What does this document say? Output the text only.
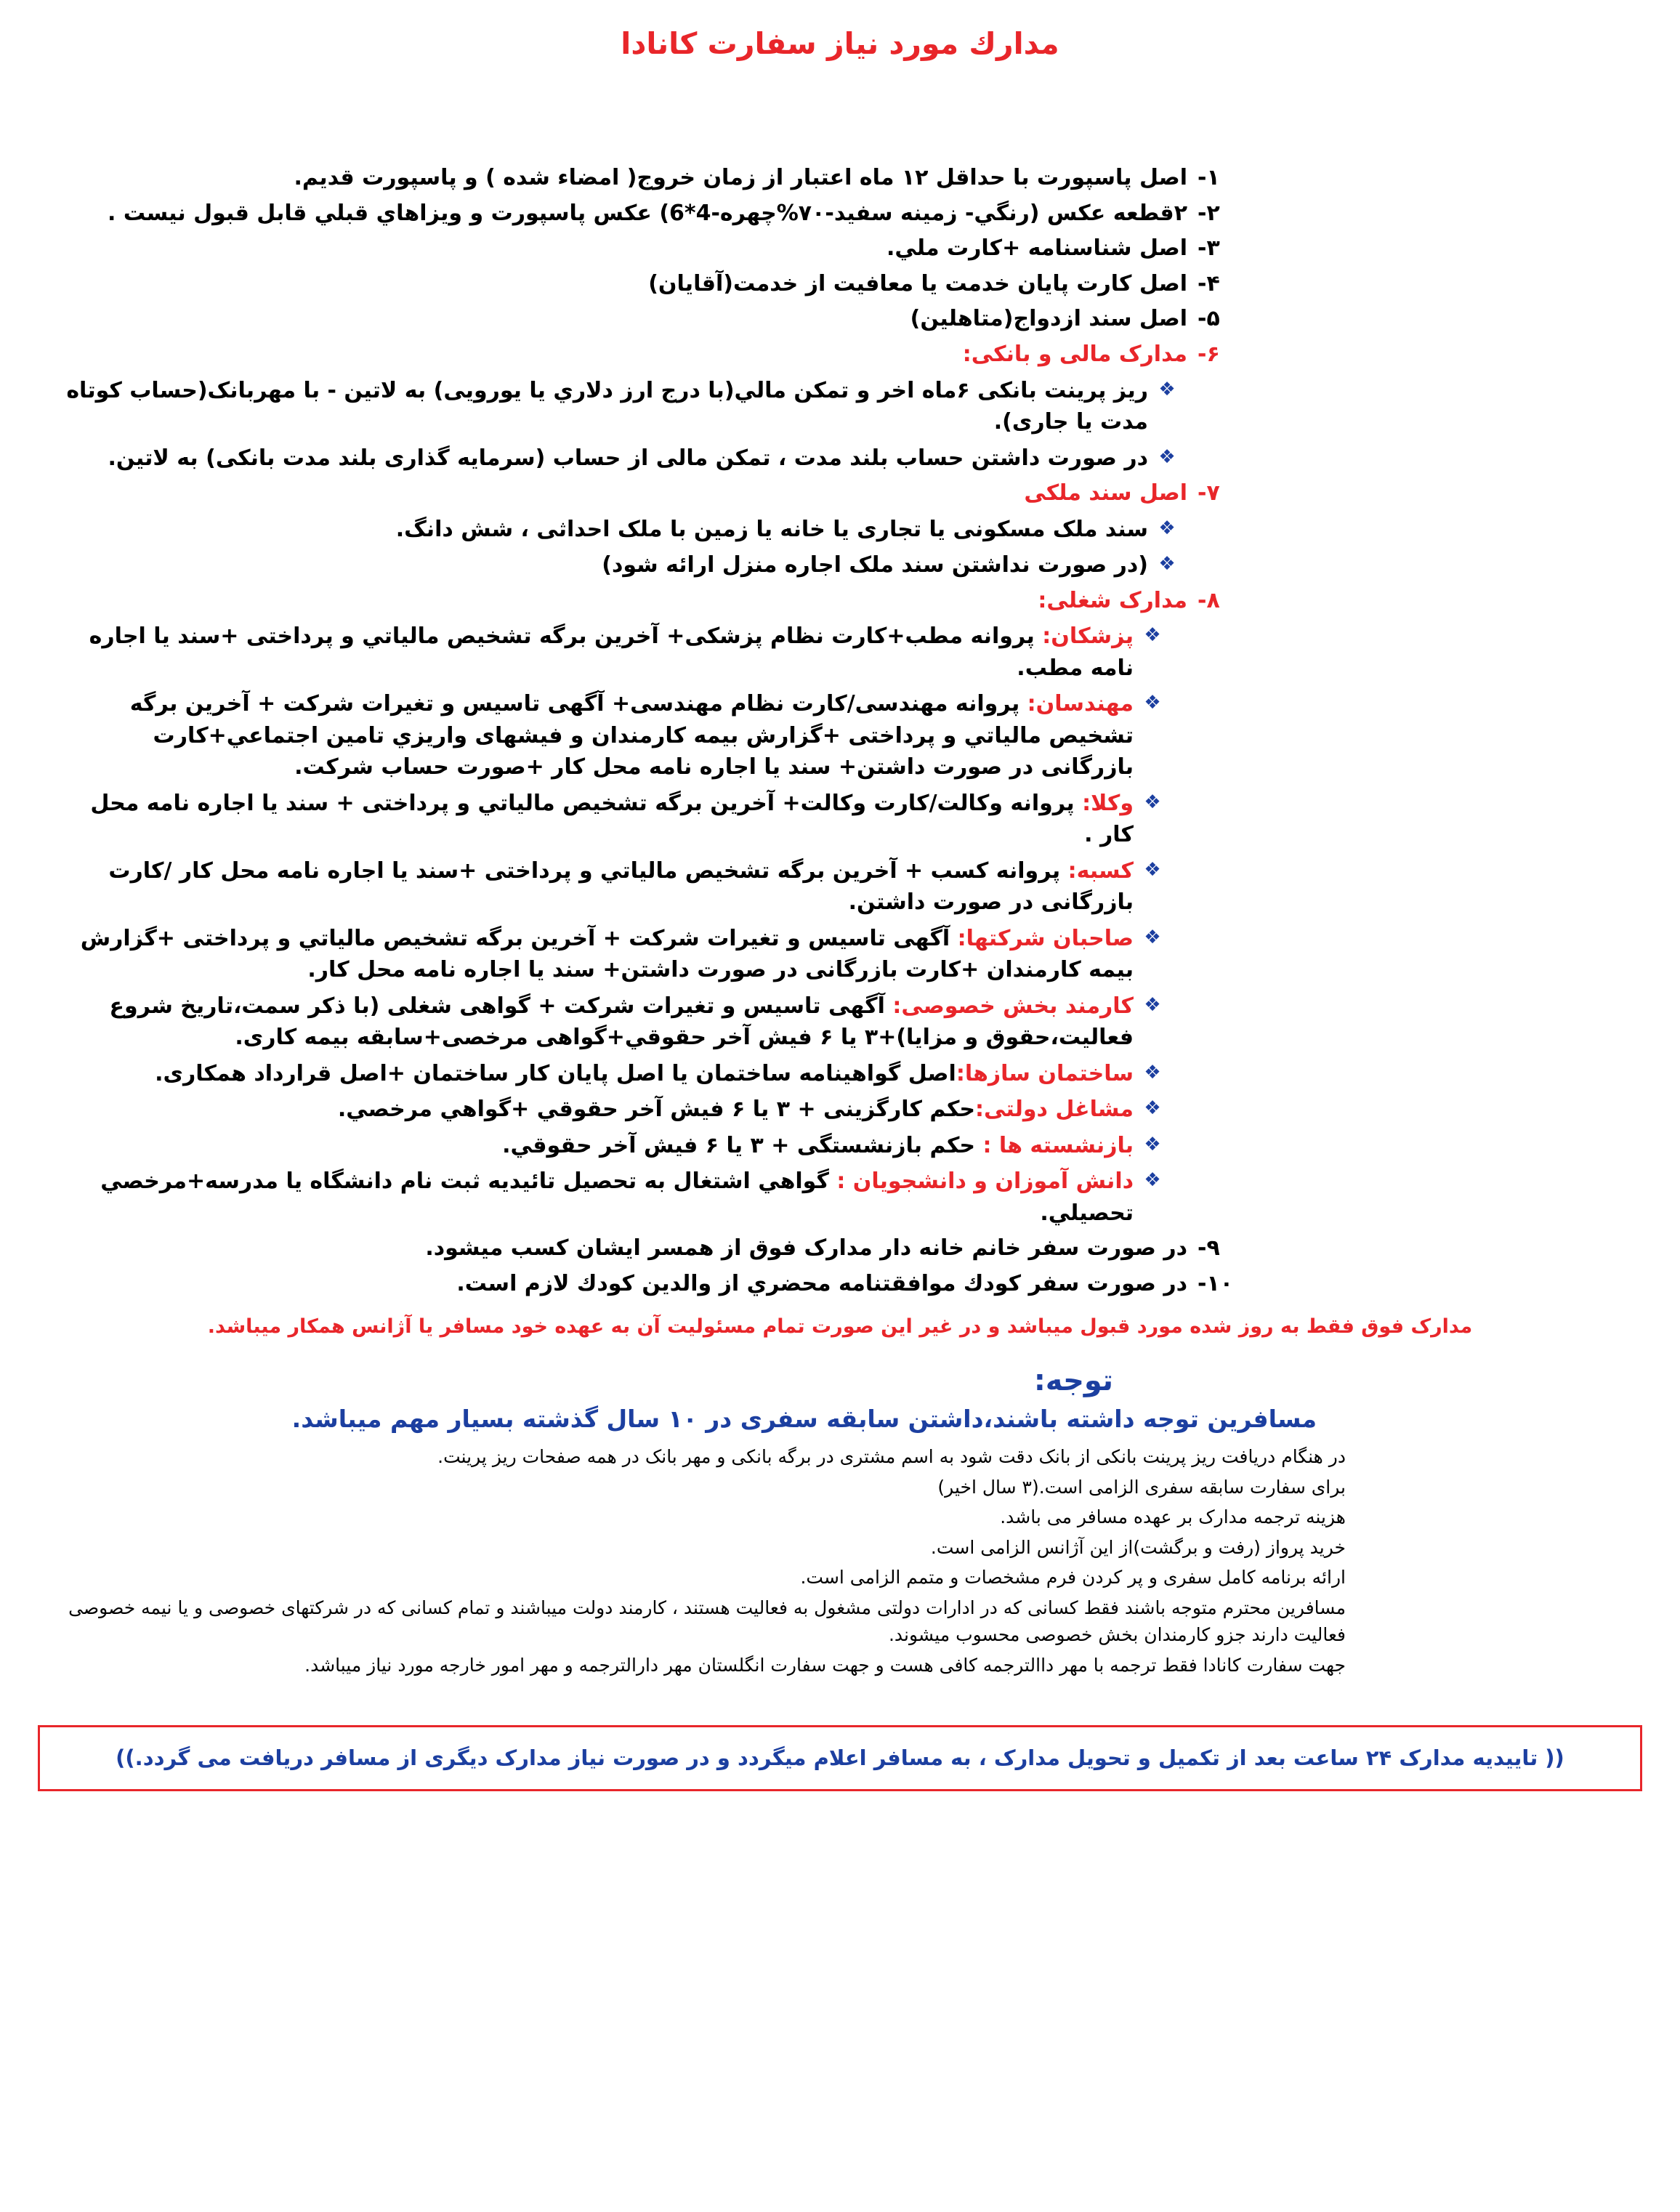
مدارك مورد نياز سفارت كانادا
١-
اصل پاسپورت با حداقل ١٢ ماه اعتبار از زمان خروج( امضاء شده ) و پاسپورت قديم.
٢-
٢قطعه عکس (رنگي- زمينه سفيد-٧٠%چهره-4*6) عکس پاسپورت و ويزاهاي قبلي قابل قبول نيست .
٣-
اصل شناسنامه +كارت ملي.
۴-
اصل كارت پايان خدمت يا معافيت از خدمت(آقايان)
۵-
اصل سند ازدواج(متاهلين)
۶-
مدارک مالی و بانکی:
❖
ریز پرینت بانکی ۶ماه اخر و تمکن مالي(با درج ارز دلاري یا یورویی) به لاتین - با مهربانک(حساب کوتاه مدت یا جاری).
❖
در صورت داشتن حساب بلند مدت ، تمکن مالی از حساب (سرمایه گذاری بلند مدت بانکی) به لاتین.
٧-
اصل سند ملکی
❖
سند ملک مسکونی یا تجاری یا خانه یا زمین با ملک احداثی ، شش دانگ.
❖
(در صورت نداشتن سند ملک اجاره منزل ارائه شود)
٨-
مدارک شغلی:
❖
پزشکان: پروانه مطب+کارت نظام پزشکی+ آخرین برگه تشخیص مالياتي و پرداختی +سند یا اجاره نامه مطب.
❖
مهندسان: پروانه مهندسی/کارت نظام مهندسی+ آگهی تاسیس و تغیرات شرکت + آخرین برگه تشخیص مالياتي و پرداختی +گزارش بیمه کارمندان و فیشهای واریزي تامین اجتماعي+کارت بازرگانی در صورت داشتن+ سند یا اجاره نامه محل کار +صورت حساب شرکت.
❖
وکلا: پروانه وکالت/کارت وکالت+ آخرین برگه تشخیص مالياتي و پرداختی + سند یا اجاره نامه محل کار .
❖
کسبه: پروانه کسب + آخرین برگه تشخیص مالياتي و پرداختی +سند یا اجاره نامه محل کار /کارت بازرگانی در صورت داشتن.
❖
صاحبان شرکتها: آگهی تاسیس و تغیرات شرکت + آخرین برگه تشخیص مالياتي و پرداختی +گزارش بیمه کارمندان +کارت بازرگانی در صورت داشتن+ سند یا اجاره نامه محل کار.
❖
کارمند بخش خصوصی: آگهی تاسیس و تغیرات شرکت + گواهی شغلی (با ذکر سمت،تاریخ شروع فعالیت،حقوق و مزایا)+٣ یا ۶ فیش آخر حقوقي+گواهی مرخصی+سابقه بیمه کاری.
❖
ساختمان سازها:اصل گواهینامه ساختمان یا اصل پایان کار ساختمان +اصل قرارداد همکاری.
❖
مشاغل دولتی:حکم کارگزینی + ٣ یا ۶ فیش آخر حقوقي +گواهي مرخصي.
❖
بازنشسته ها : حکم بازنشستگی + ٣ یا ۶ فیش آخر حقوقي.
❖
دانش آموزان و دانشجویان : گواهي اشتغال به تحصیل تائیدیه ثبت نام دانشگاه یا مدرسه+مرخصي تحصیلي.
٩-
در صورت سفر خانم خانه دار مدارک فوق از همسر ایشان کسب میشود.
١٠-
در صورت سفر كودك موافقتنامه محضري از والدين كودك لازم است.
مدارک فوق فقط به روز شده مورد قبول میباشد و در غیر این صورت تمام مسئولیت آن به عهده خود مسافر یا آژانس همکار میباشد.
توجه:
مسافرین توجه داشته باشند،داشتن سابقه سفری در ١٠ سال گذشته بسیار مهم میباشد.

در هنگام دریافت ریز پرینت بانکی از بانک دقت شود به اسم مشتری در برگه بانکی و مهر بانک در همه صفحات ریز پرینت.

برای سفارت سابقه سفری الزامی است.(٣ سال اخیر)

هزینه ترجمه مدارک بر عهده مسافر می باشد.

خرید پرواز (رفت و برگشت)از این آژانس الزامی است.

ارائه برنامه کامل سفری و پر کردن فرم مشخصات و متمم الزامی است.

مسافرین محترم متوجه باشند فقط کسانی که در ادارات دولتی مشغول به فعالیت هستند ، کارمند دولت میباشند و تمام کسانی که در شرکتهای خصوصی و یا نیمه خصوصی فعالیت دارند جزو کارمندان بخش خصوصی محسوب میشوند.

جهت سفارت کانادا فقط ترجمه با مهر داالترجمه کافی هست و جهت سفارت انگلستان مهر دارالترجمه و مهر امور خارجه مورد نیاز میباشد.

(( تاییدیه مدارک ٢۴ ساعت بعد از تکمیل و تحویل مدارک ، به مسافر اعلام میگردد و در صورت نیاز مدارک دیگری از مسافر دریافت می گردد.))
